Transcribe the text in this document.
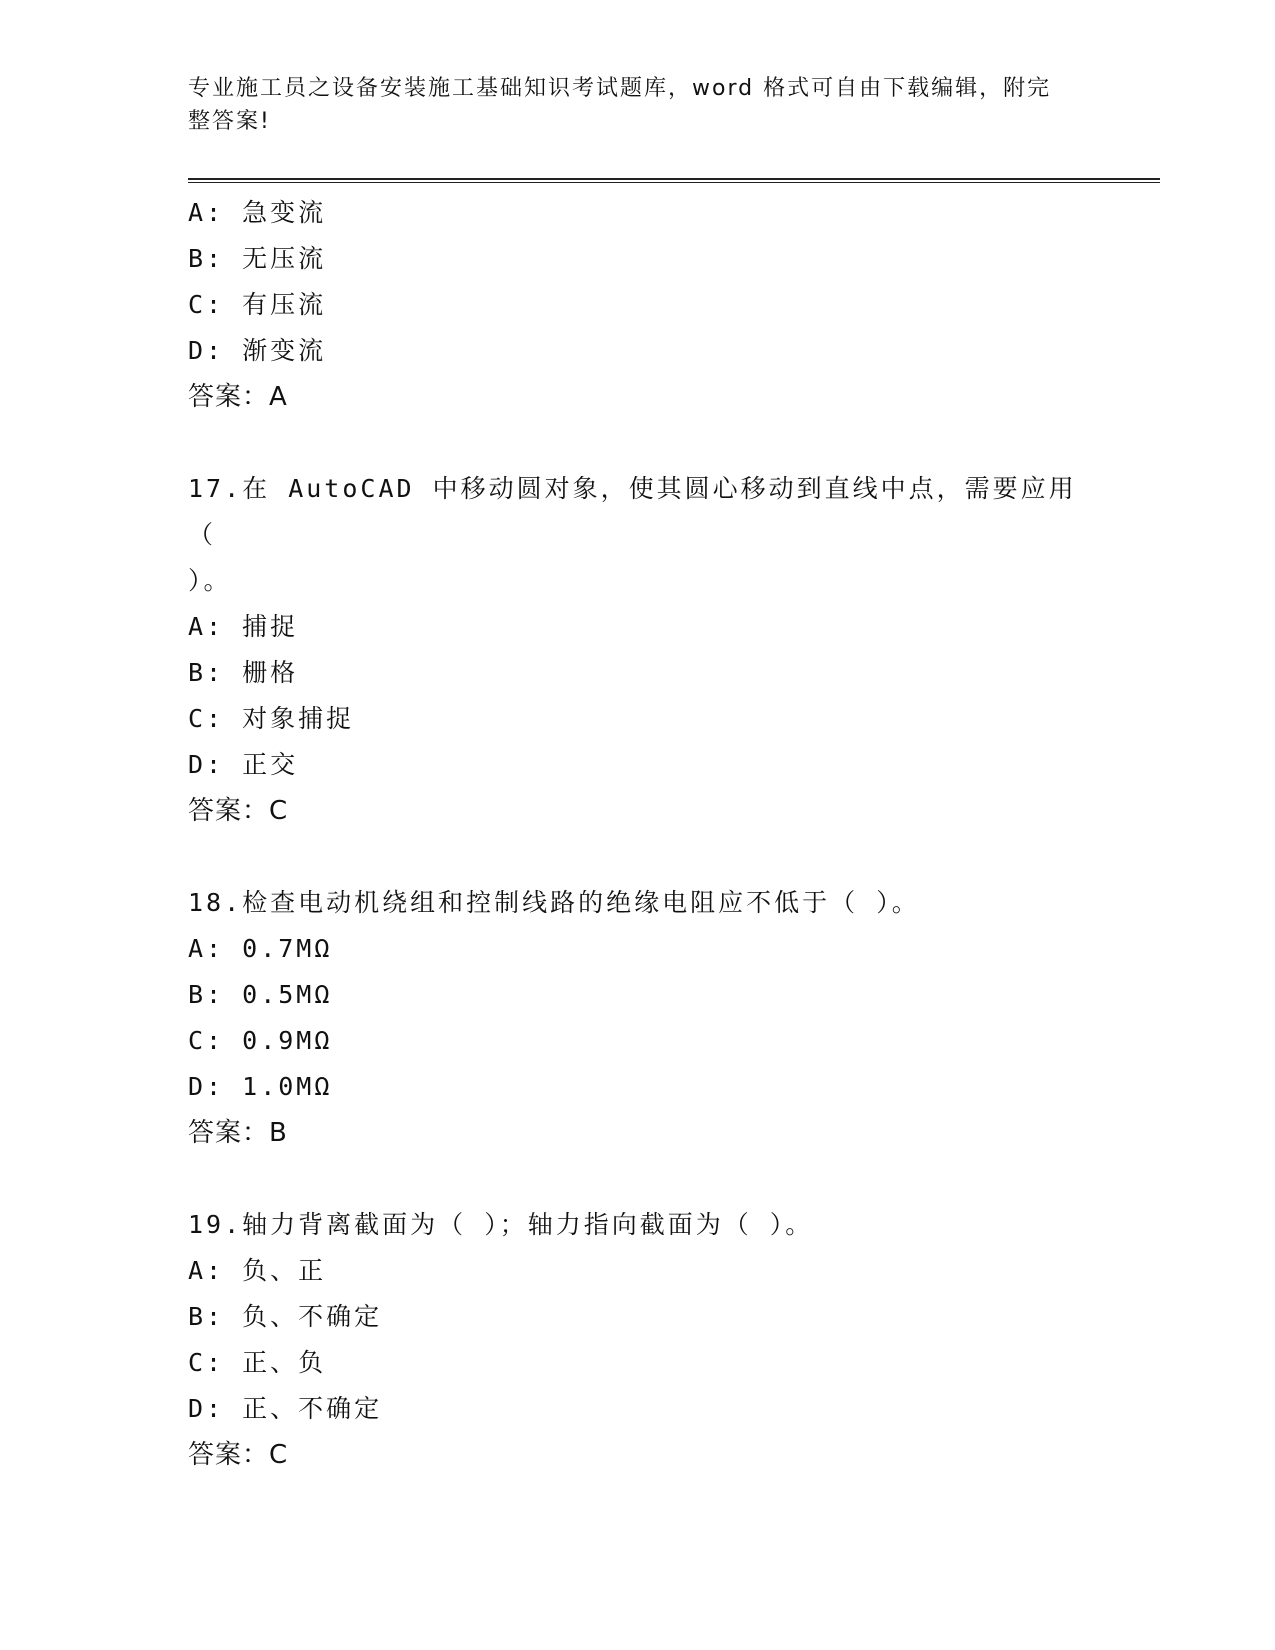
专业施工员之设备安装施工基础知识考试题库，word 格式可自由下载编辑，附完
整答案!
A: 急变流
B: 无压流
C: 有压流
D: 渐变流
答案：A
17.在 AutoCAD 中移动圆对象，使其圆心移动到直线中点，需要应用（
）。
A: 捕捉
B: 栅格
C: 对象捕捉
D: 正交
答案：C
18.检查电动机绕组和控制线路的绝缘电阻应不低于（ ）。
A: 0.7MΩ
B: 0.5MΩ
C: 0.9MΩ
D: 1.0MΩ
答案：B
19.轴力背离截面为（ ）；轴力指向截面为（ ）。
A: 负、正
B: 负、不确定
C: 正、负
D: 正、不确定
答案：C
